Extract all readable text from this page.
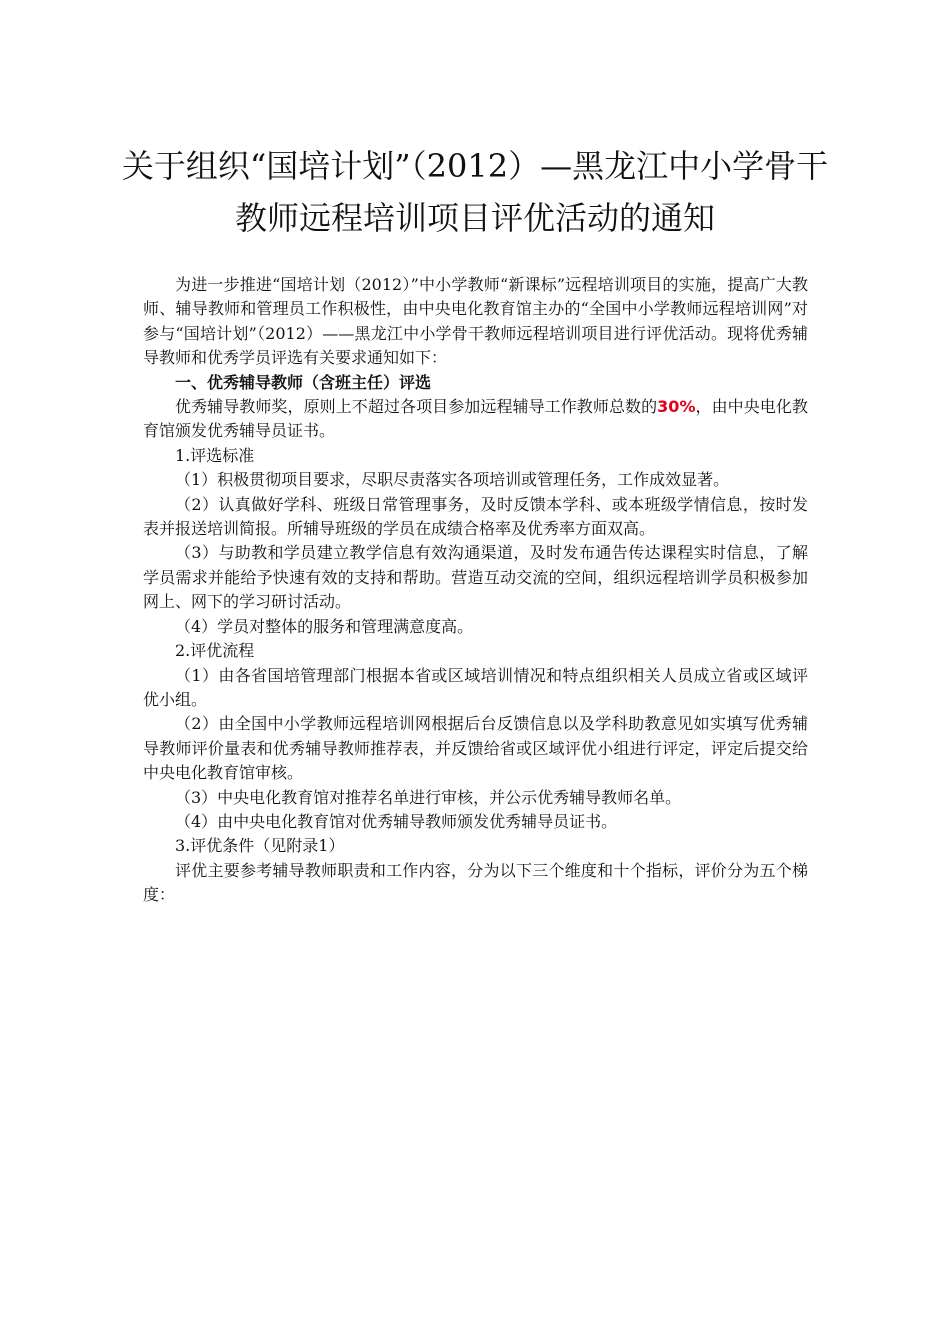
关于组织“国培计划”（2012）—黑龙江中小学骨干
教师远程培训项目评优活动的通知

为进一步推进“国培计划（2012）”中小学教师“新课标”远程培训项目的实施，提高广大教师、辅导教师和管理员工作积极性，由中央电化教育馆主办的“全国中小学教师远程培训网”对参与“国培计划”（2012）——黑龙江中小学骨干教师远程培训项目进行评优活动。现将优秀辅导教师和优秀学员评选有关要求通知如下：

一、优秀辅导教师（含班主任）评选

优秀辅导教师奖，原则上不超过各项目参加远程辅导工作教师总数的30%，由中央电化教育馆颁发优秀辅导员证书。

1.评选标准

（1）积极贯彻项目要求，尽职尽责落实各项培训或管理任务，工作成效显著。

（2）认真做好学科、班级日常管理事务，及时反馈本学科、或本班级学情信息，按时发表并报送培训简报。所辅导班级的学员在成绩合格率及优秀率方面双高。

（3）与助教和学员建立教学信息有效沟通渠道，及时发布通告传达课程实时信息，了解学员需求并能给予快速有效的支持和帮助。营造互动交流的空间，组织远程培训学员积极参加网上、网下的学习研讨活动。

（4）学员对整体的服务和管理满意度高。

2.评优流程

（1）由各省国培管理部门根据本省或区域培训情况和特点组织相关人员成立省或区域评优小组。

（2）由全国中小学教师远程培训网根据后台反馈信息以及学科助教意见如实填写优秀辅导教师评价量表和优秀辅导教师推荐表，并反馈给省或区域评优小组进行评定，评定后提交给中央电化教育馆审核。

（3）中央电化教育馆对推荐名单进行审核，并公示优秀辅导教师名单。

（4）由中央电化教育馆对优秀辅导教师颁发优秀辅导员证书。

3.评优条件（见附录1）

评优主要参考辅导教师职责和工作内容，分为以下三个维度和十个指标，评价分为五个梯度：
